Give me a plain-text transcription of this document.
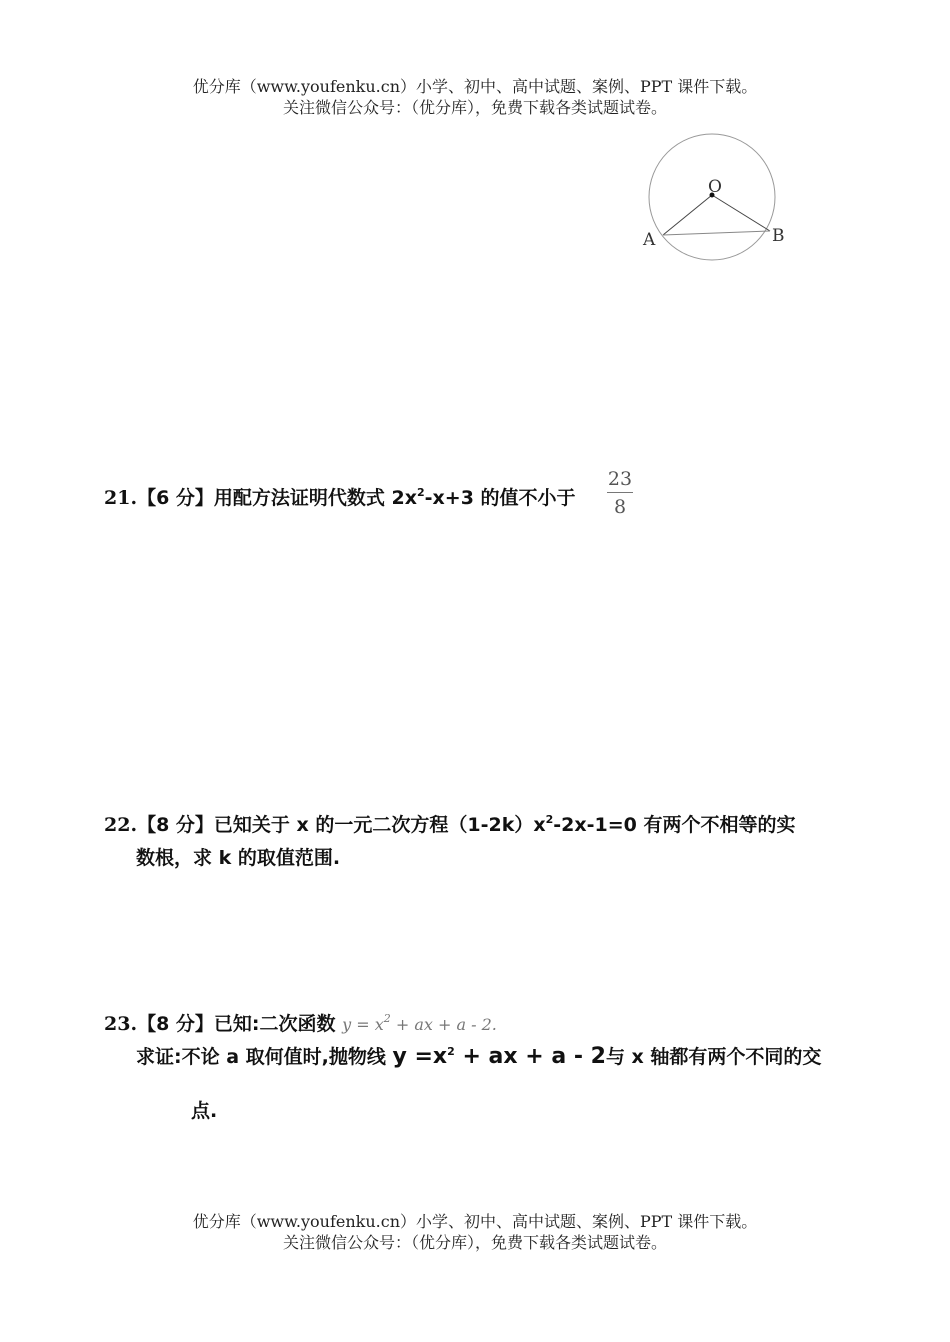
优分库（www.youfenku.cn）小学、初中、高中试题、案例、PPT 课件下载。
关注微信公众号：（优分库），免费下载各类试题试卷。
O
A	B
21.【6 分】用配方法证明代数式 $2x^2-x+3$ 的值不小于
23
8
22.【8 分】已知关于 x 的一元二次方程$(1-2k)x^2-2x-1=0$ 有两个不相等的实
数根，求 k 的取值范围.
23.【8 分】已知:二次函数 $y = x^2$ + ax + a - 2.
求证:不论 a 取何值时,抛物线 $y =x^2$ + ax + a - 2与 x 轴都有两个不同的交
点.
优分库（www.youfenku.cn）小学、初中、高中试题、案例、PPT 课件下载。
关注微信公众号：（优分库），免费下载各类试题试卷。
